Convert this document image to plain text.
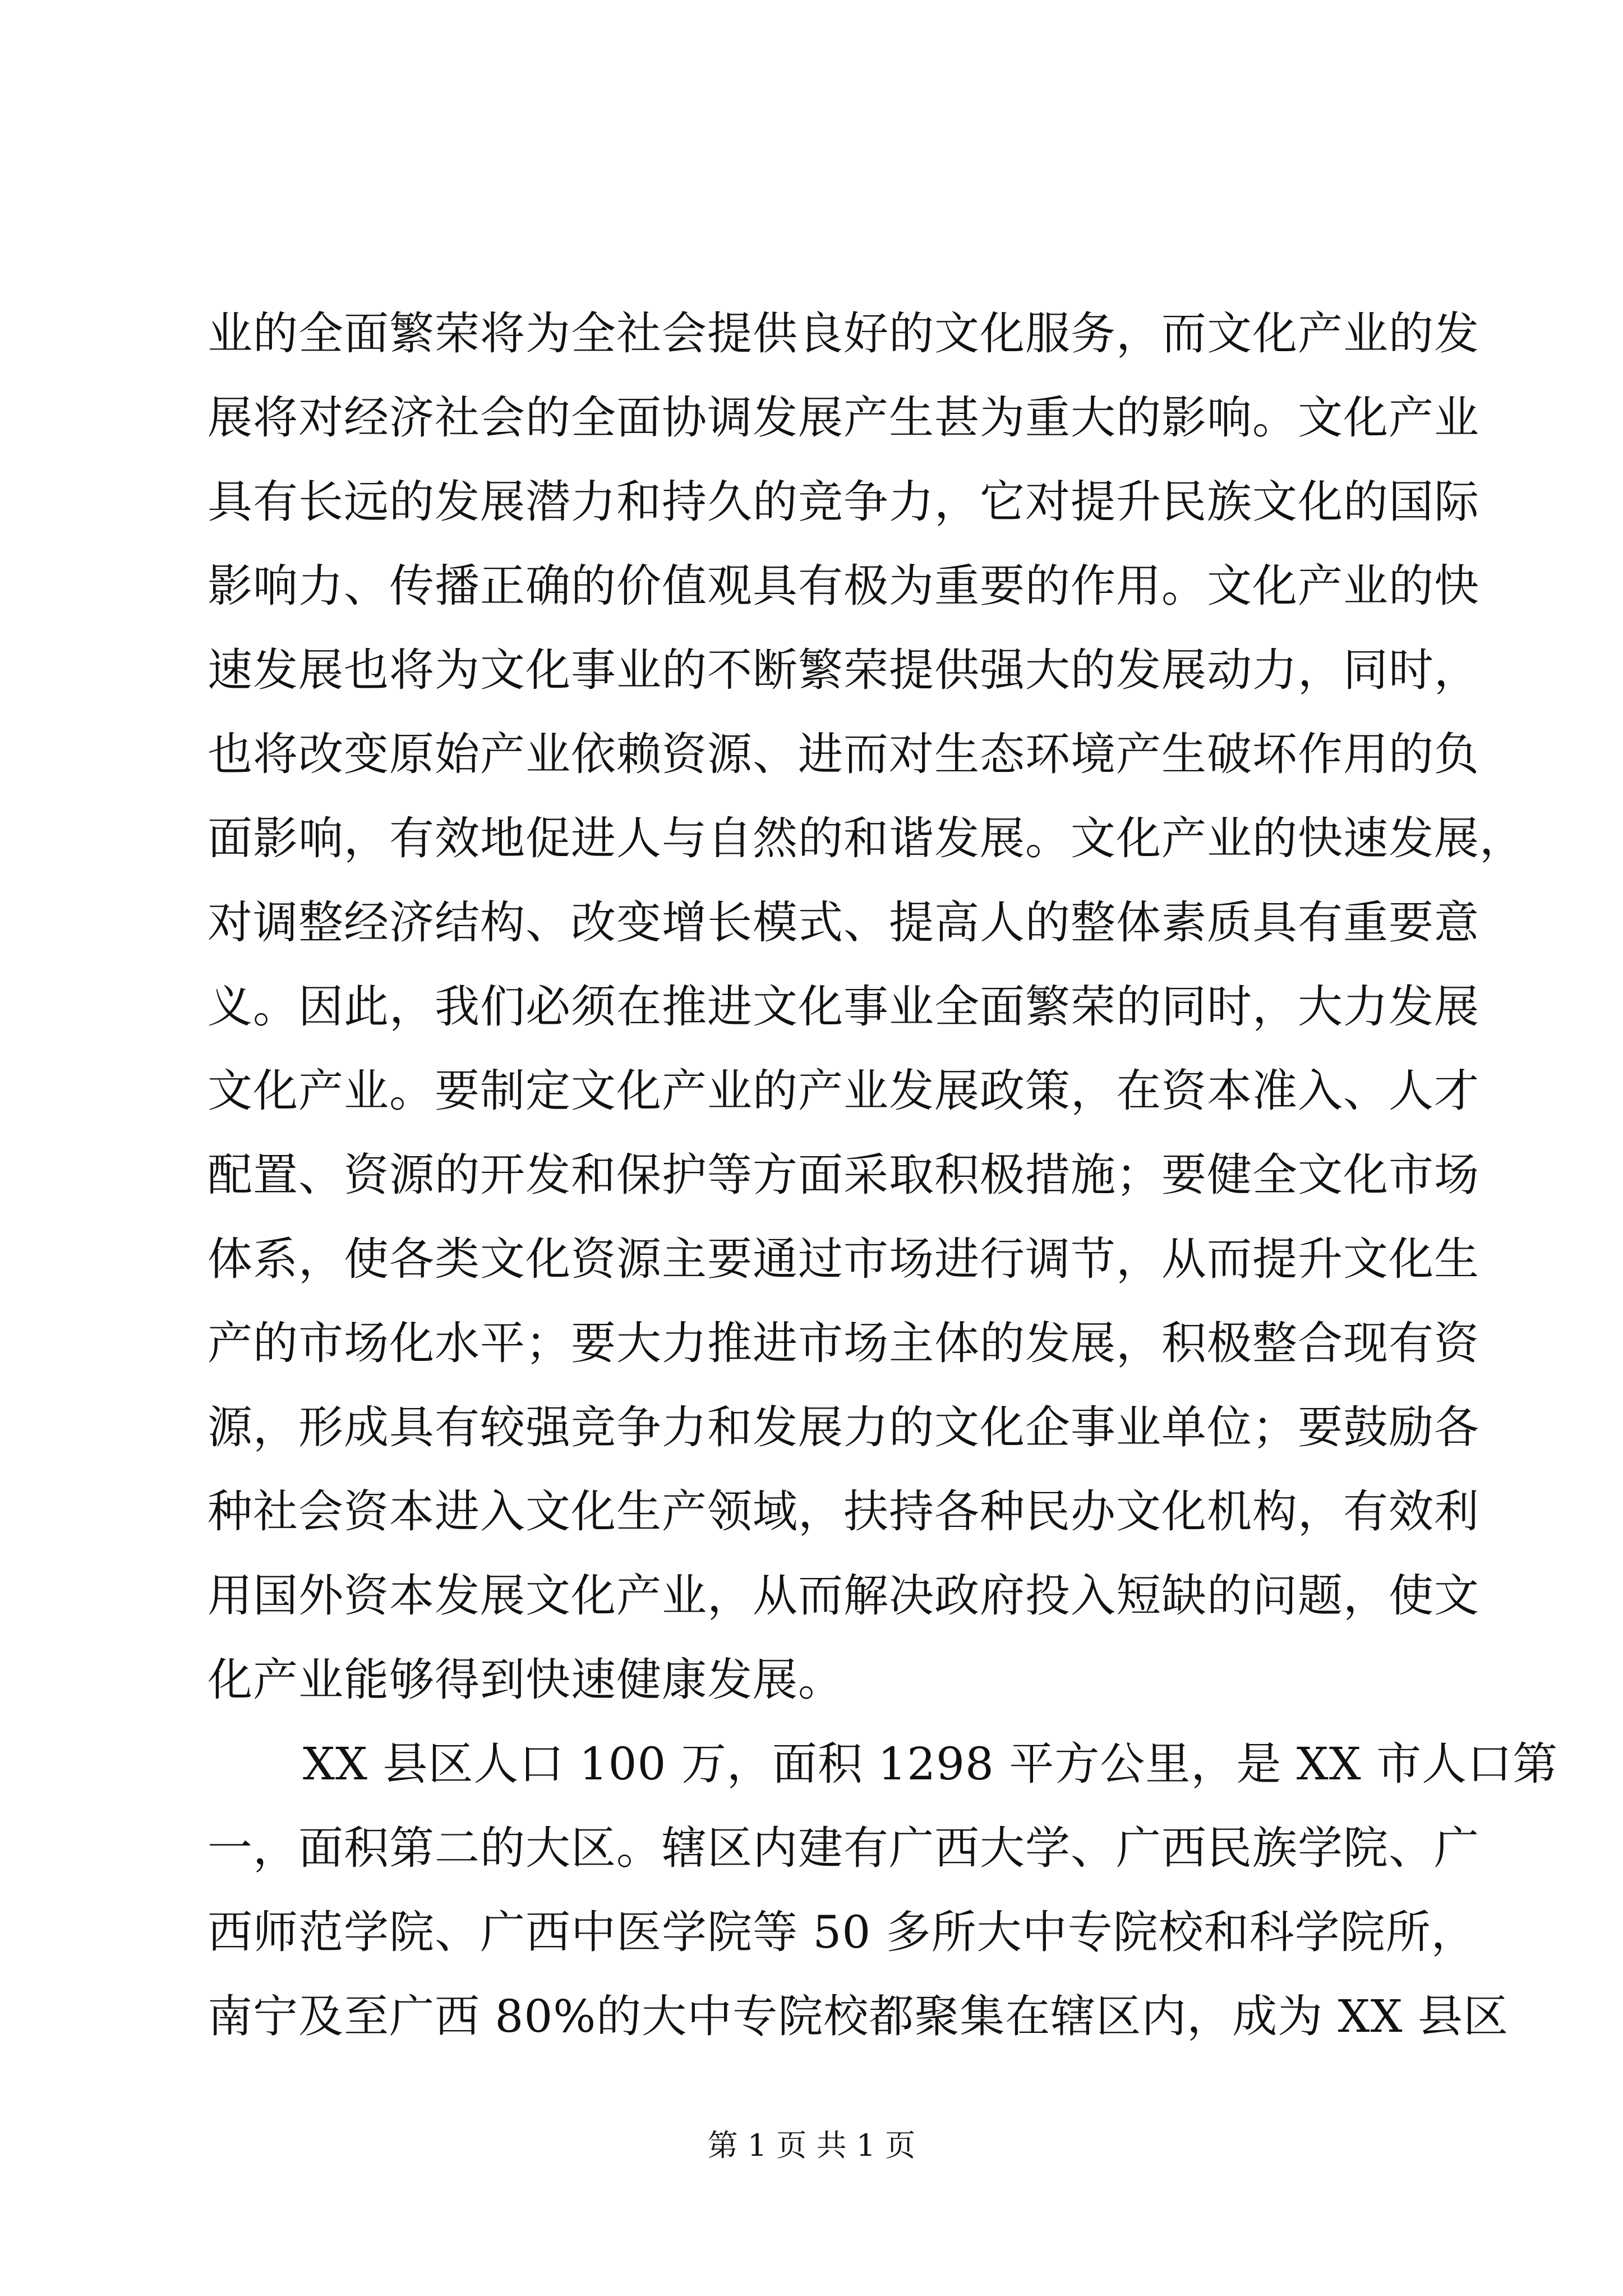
业的全面繁荣将为全社会提供良好的文化服务，而文化产业的发
展将对经济社会的全面协调发展产生甚为重大的影响。文化产业
具有长远的发展潜力和持久的竞争力，它对提升民族文化的国际
影响力、传播正确的价值观具有极为重要的作用。文化产业的快
速发展也将为文化事业的不断繁荣提供强大的发展动力，同时，
也将改变原始产业依赖资源、进而对生态环境产生破坏作用的负
面影响，有效地促进人与自然的和谐发展。文化产业的快速发展，
对调整经济结构、改变增长模式、提高人的整体素质具有重要意
义。因此，我们必须在推进文化事业全面繁荣的同时，大力发展
文化产业。要制定文化产业的产业发展政策，在资本准入、人才
配置、资源的开发和保护等方面采取积极措施；要健全文化市场
体系，使各类文化资源主要通过市场进行调节，从而提升文化生
产的市场化水平；要大力推进市场主体的发展，积极整合现有资
源，形成具有较强竞争力和发展力的文化企事业单位；要鼓励各
种社会资本进入文化生产领域，扶持各种民办文化机构，有效利
用国外资本发展文化产业，从而解决政府投入短缺的问题，使文
化产业能够得到快速健康发展。
XX 县区人口 100 万，面积 1298 平方公里，是 XX 市人口第
一，面积第二的大区。辖区内建有广西大学、广西民族学院、广
西师范学院、广西中医学院等 50 多所大中专院校和科学院所，
南宁及至广西 80%的大中专院校都聚集在辖区内，成为 XX 县区
第 1 页 共 1 页
